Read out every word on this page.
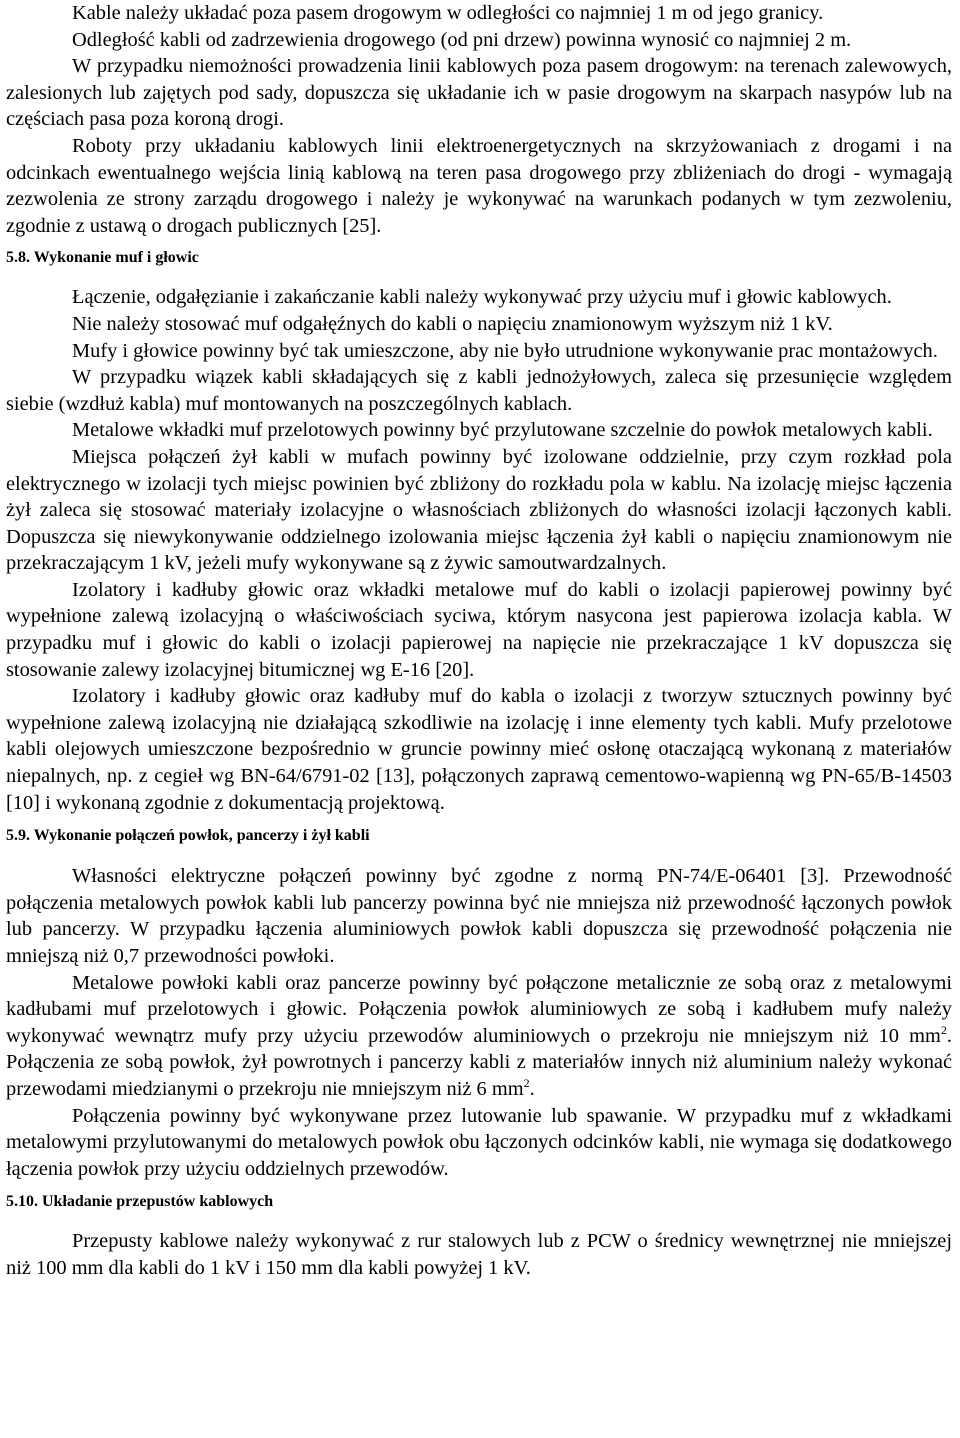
Kable należy układać poza pasem drogowym w odległości co najmniej 1 m od jego granicy.

Odległość kabli od zadrzewienia drogowego (od pni drzew) powinna wynosić co najmniej 2 m.

W przypadku niemożności prowadzenia linii kablowych poza pasem drogowym: na terenach zalewowych, zalesionych lub zajętych pod sady, dopuszcza się układanie ich w pasie drogowym na skarpach nasypów lub na częściach pasa poza koroną drogi.

Roboty przy układaniu kablowych linii elektroenergetycznych na skrzyżowaniach z drogami i na odcinkach ewentualnego wejścia linią kablową na teren pasa drogowego przy zbliżeniach do drogi - wymagają zezwolenia ze strony zarządu drogowego i należy je wykonywać na warunkach podanych w tym zezwoleniu, zgodnie z ustawą o drogach publicznych [25].

5.8. Wykonanie muf i głowic

Łączenie, odgałęzianie i zakańczanie kabli należy wykonywać przy użyciu muf i głowic kablowych.

Nie należy stosować muf odgałęźnych do kabli o napięciu znamionowym wyższym niż 1 kV.

Mufy i głowice powinny być tak umieszczone, aby nie było utrudnione wykonywanie prac montażowych.

W przypadku wiązek kabli składających się z kabli jednożyłowych, zaleca się przesunięcie względem siebie (wzdłuż kabla) muf montowanych na poszczególnych kablach.

Metalowe wkładki muf przelotowych powinny być przylutowane szczelnie do powłok metalowych kabli.

Miejsca połączeń żył kabli w mufach powinny być izolowane oddzielnie, przy czym rozkład pola elektrycznego w izolacji tych miejsc powinien być zbliżony do rozkładu pola w kablu. Na izolację miejsc łączenia żył zaleca się stosować materiały izolacyjne o własnościach zbliżonych do własności izolacji łączonych kabli. Dopuszcza się niewykonywanie oddzielnego izolowania miejsc łączenia żył kabli o napięciu znamionowym nie przekraczającym 1 kV, jeżeli mufy wykonywane są z żywic samoutwardzalnych.

Izolatory i kadłuby głowic oraz wkładki metalowe muf do kabli o izolacji papierowej powinny być wypełnione zalewą izolacyjną o właściwościach syciwa, którym nasycona jest papierowa izolacja kabla. W przypadku muf i głowic do kabli o izolacji papierowej na napięcie nie przekraczające 1 kV dopuszcza się stosowanie zalewy izolacyjnej bitumicznej wg E-16 [20].

Izolatory i kadłuby głowic oraz kadłuby muf do kabla o izolacji z tworzyw sztucznych powinny być wypełnione zalewą izolacyjną nie działającą szkodliwie na izolację i inne elementy tych kabli. Mufy przelotowe kabli olejowych umieszczone bezpośrednio w gruncie powinny mieć osłonę otaczającą wykonaną z materiałów niepalnych, np. z cegieł wg BN-64/6791-02 [13], połączonych zaprawą cementowo-wapienną wg PN-65/B-14503 [10] i wykonaną zgodnie z dokumentacją projektową.

5.9. Wykonanie połączeń powłok, pancerzy i żył kabli

Własności elektryczne połączeń powinny być zgodne z normą PN-74/E-06401 [3]. Przewodność połączenia metalowych powłok kabli lub pancerzy powinna być nie mniejsza niż przewodność łączonych powłok lub pancerzy. W przypadku łączenia aluminiowych powłok kabli dopuszcza się przewodność połączenia nie mniejszą niż 0,7 przewodności powłoki.

Metalowe powłoki kabli oraz pancerze powinny być połączone metalicznie ze sobą oraz z metalowymi kadłubami muf przelotowych i głowic. Połączenia powłok aluminiowych ze sobą i kadłubem mufy należy wykonywać wewnątrz mufy przy użyciu przewodów aluminiowych o przekroju nie mniejszym niż 10 $mm^2$. Połączenia ze sobą powłok, żył powrotnych i pancerzy kabli z materiałów innych niż aluminium należy wykonać przewodami miedzianymi o przekroju nie mniejszym niż 6 $mm^2$.

Połączenia powinny być wykonywane przez lutowanie lub spawanie. W przypadku muf z wkładkami metalowymi przylutowanymi do metalowych powłok obu łączonych odcinków kabli, nie wymaga się dodatkowego łączenia powłok przy użyciu oddzielnych przewodów.

5.10. Układanie przepustów kablowych

Przepusty kablowe należy wykonywać z rur stalowych lub z PCW o średnicy wewnętrznej nie mniejszej niż 100 mm dla kabli do 1 kV i 150 mm dla kabli powyżej 1 kV.
